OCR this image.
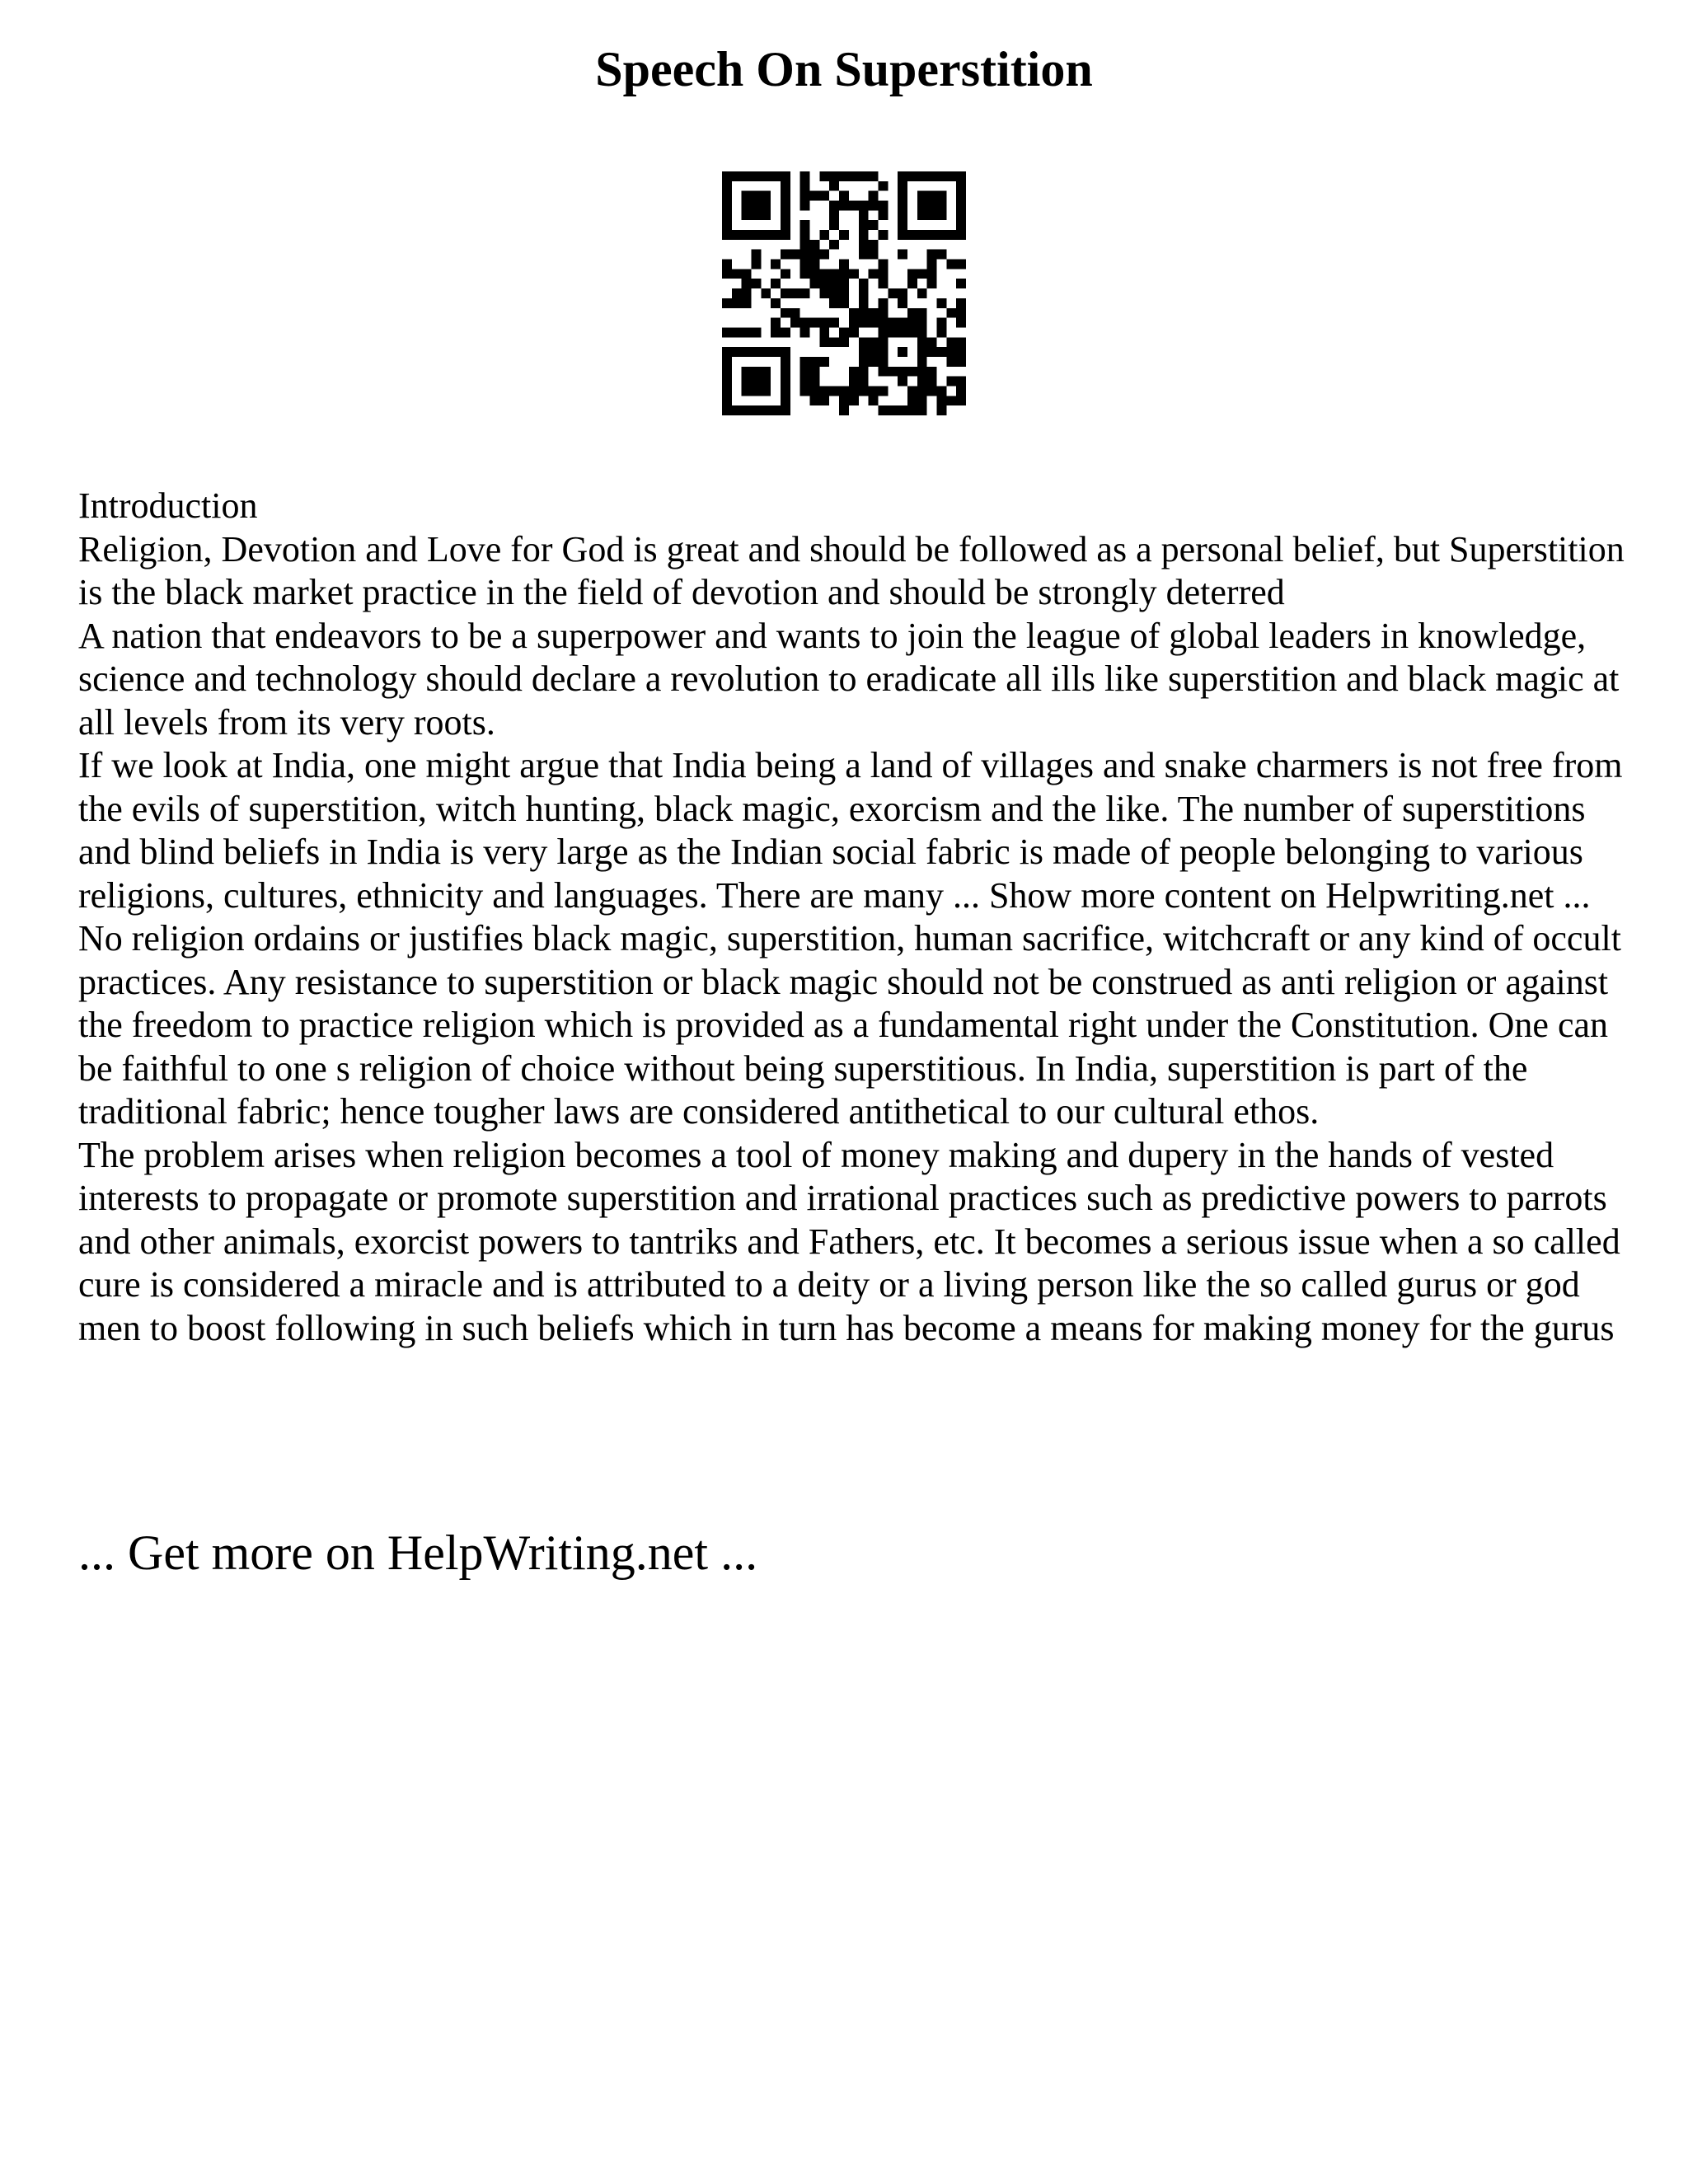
Speech On Superstition

Introduction

Religion, Devotion and Love for God is great and should be followed as a personal belief, but Superstition is the black market practice in the field of devotion and should be strongly deterred

A nation that endeavors to be a superpower and wants to join the league of global leaders in knowledge, science and technology should declare a revolution to eradicate all ills like superstition and black magic at all levels from its very roots.

If we look at India, one might argue that India being a land of villages and snake charmers is not free from the evils of superstition, witch hunting, black magic, exorcism and the like. The number of superstitions and blind beliefs in India is very large as the Indian social fabric is made of people belonging to various religions, cultures, ethnicity and languages. There are many ... Show more content on Helpwriting.net ...

No religion ordains or justifies black magic, superstition, human sacrifice, witchcraft or any kind of occult practices. Any resistance to superstition or black magic should not be construed as anti religion or against the freedom to practice religion which is provided as a fundamental right under the Constitution. One can be faithful to one s religion of choice without being superstitious. In India, superstition is part of the traditional fabric; hence tougher laws are considered antithetical to our cultural ethos.

The problem arises when religion becomes a tool of money making and dupery in the hands of vested interests to propagate or promote superstition and irrational practices such as predictive powers to parrots and other animals, exorcist powers to tantriks and Fathers, etc. It becomes a serious issue when a so called cure is considered a miracle and is attributed to a deity or a living person like the so called gurus or god men to boost following in such beliefs which in turn has become a means for making money for the gurus

... Get more on HelpWriting.net ...
